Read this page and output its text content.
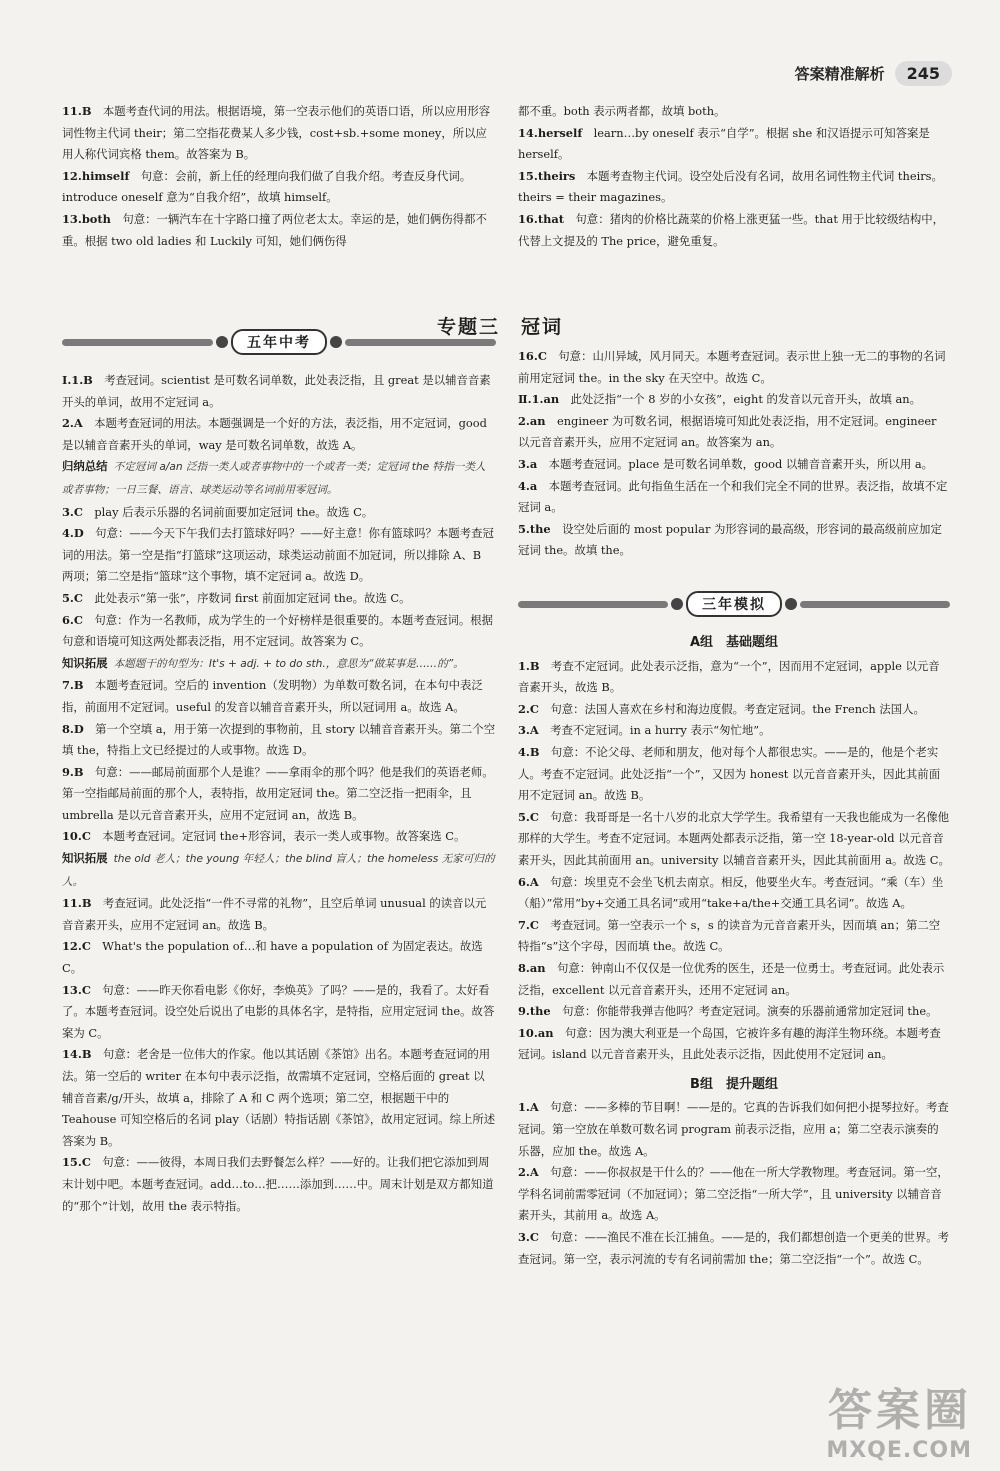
答案精准解析	245

11.B　本题考查代词的用法。根据语境，第一空表示他们的英语口语，所以应用形容词性物主代词 their；第二空指花费某人多少钱，cost+sb.+some money，所以应用人称代词宾格 them。故答案为 B。

12.himself　句意：会前，新上任的经理向我们做了自我介绍。考查反身代词。introduce oneself 意为“自我介绍”，故填 himself。

13.both　句意：一辆汽车在十字路口撞了两位老太太。幸运的是，她们俩伤得都不重。根据 two old ladies 和 Luckily 可知，她们俩伤得

都不重。both 表示两者都，故填 both。

14.herself　learn…by oneself 表示“自学”。根据 she 和汉语提示可知答案是 herself。

15.theirs　本题考查物主代词。设空处后没有名词，故用名词性物主代词 theirs。theirs = their magazines。

16.that　句意：猪肉的价格比蔬菜的价格上涨更猛一些。that 用于比较级结构中，代替上文提及的 The price，避免重复。

专题三　冠词
五年中考

Ⅰ.1.B　考查冠词。scientist 是可数名词单数，此处表泛指，且 great 是以辅音音素开头的单词，故用不定冠词 a。

2.A　本题考查冠词的用法。本题强调是一个好的方法，表泛指，用不定冠词，good 是以辅音音素开头的单词，way 是可数名词单数，故选 A。

归纳总结 不定冠词 a/an 泛指一类人或者事物中的一个或者一类；定冠词 the 特指一类人或者事物；一日三餐、语言、球类运动等名词前用零冠词。

3.C　play 后表示乐器的名词前面要加定冠词 the。故选 C。

4.D　句意：——今天下午我们去打篮球好吗？——好主意！你有篮球吗？本题考查冠词的用法。第一空是指“打篮球”这项运动，球类运动前面不加冠词，所以排除 A、B 两项；第二空是指“篮球”这个事物，填不定冠词 a。故选 D。

5.C　此处表示“第一张”，序数词 first 前面加定冠词 the。故选 C。

6.C　句意：作为一名教师，成为学生的一个好榜样是很重要的。本题考查冠词。根据句意和语境可知这两处都表泛指，用不定冠词。故答案为 C。

知识拓展 本题题干的句型为：It's + adj. + to do sth.，意思为“做某事是……的”。

7.B　本题考查冠词。空后的 invention（发明物）为单数可数名词，在本句中表泛指，前面用不定冠词。useful 的发音以辅音音素开头，所以冠词用 a。故选 A。

8.D　第一个空填 a，用于第一次提到的事物前，且 story 以辅音音素开头。第二个空填 the，特指上文已经提过的人或事物。故选 D。

9.B　句意：——邮局前面那个人是谁？——拿雨伞的那个吗？他是我们的英语老师。第一空指邮局前面的那个人，表特指，故用定冠词 the。第二空泛指一把雨伞，且 umbrella 是以元音音素开头，应用不定冠词 an，故选 B。

10.C　本题考查冠词。定冠词 the+形容词，表示一类人或事物。故答案选 C。

知识拓展 the old 老人；the young 年轻人；the blind 盲人；the homeless 无家可归的人。

11.B　考查冠词。此处泛指“一件不寻常的礼物”，且空后单词 unusual 的读音以元音音素开头，应用不定冠词 an。故选 B。

12.C　What's the population of…和 have a population of 为固定表达。故选 C。

13.C　句意：——昨天你看电影《你好，李焕英》了吗？——是的，我看了。太好看了。本题考查冠词。设空处后说出了电影的具体名字，是特指，应用定冠词 the。故答案为 C。

14.B　句意：老舍是一位伟大的作家。他以其话剧《茶馆》出名。本题考查冠词的用法。第一空后的 writer 在本句中表示泛指，故需填不定冠词，空格后面的 great 以辅音音素/g/开头，故填 a，排除了 A 和 C 两个选项；第二空，根据题干中的 Teahouse 可知空格后的名词 play（话剧）特指话剧《茶馆》，故用定冠词。综上所述答案为 B。

15.C　句意：——彼得，本周日我们去野餐怎么样？——好的。让我们把它添加到周末计划中吧。本题考查冠词。add…to…把……添加到……中。周末计划是双方都知道的“那个”计划，故用 the 表示特指。

16.C　句意：山川异域，风月同天。本题考查冠词。表示世上独一无二的事物的名词前用定冠词 the。in the sky 在天空中。故选 C。

Ⅱ.1.an　此处泛指“一个 8 岁的小女孩”，eight 的发音以元音开头，故填 an。

2.an　engineer 为可数名词，根据语境可知此处表泛指，用不定冠词。engineer 以元音音素开头，应用不定冠词 an。故答案为 an。

3.a　本题考查冠词。place 是可数名词单数，good 以辅音音素开头，所以用 a。

4.a　本题考查冠词。此句指鱼生活在一个和我们完全不同的世界。表泛指，故填不定冠词 a。

5.the　设空处后面的 most popular 为形容词的最高级，形容词的最高级前应加定冠词 the。故填 the。

三年模拟
A组　基础题组

1.B　考查不定冠词。此处表示泛指，意为“一个”，因而用不定冠词，apple 以元音音素开头，故选 B。

2.C　句意：法国人喜欢在乡村和海边度假。考查定冠词。the French 法国人。

3.A　考查不定冠词。in a hurry 表示“匆忙地”。

4.B　句意：不论父母、老师和朋友，他对每个人都很忠实。——是的，他是个老实人。考查不定冠词。此处泛指“一个”，又因为 honest 以元音音素开头，因此其前面用不定冠词 an。故选 B。

5.C　句意：我哥哥是一名十八岁的北京大学学生。我希望有一天我也能成为一名像他那样的大学生。考查不定冠词。本题两处都表示泛指，第一空 18-year-old 以元音音素开头，因此其前面用 an。university 以辅音音素开头，因此其前面用 a。故选 C。

6.A　句意：埃里克不会坐飞机去南京。相反，他要坐火车。考查冠词。“乘（车）坐（船）”常用“by+交通工具名词”或用“take+a/the+交通工具名词”。故选 A。

7.C　考查冠词。第一空表示一个 s，s 的读音为元音音素开头，因而填 an；第二空特指“s”这个字母，因而填 the。故选 C。

8.an　句意：钟南山不仅仅是一位优秀的医生，还是一位勇士。考查冠词。此处表示泛指，excellent 以元音音素开头，还用不定冠词 an。

9.the　句意：你能带我弹吉他吗？考查定冠词。演奏的乐器前通常加定冠词 the。

10.an　句意：因为澳大利亚是一个岛国，它被许多有趣的海洋生物环绕。本题考查冠词。island 以元音音素开头，且此处表示泛指，因此使用不定冠词 an。

B组　提升题组

1.A　句意：——多棒的节目啊！——是的。它真的告诉我们如何把小提琴拉好。考查冠词。第一空放在单数可数名词 program 前表示泛指，应用 a；第二空表示演奏的乐器，应加 the。故选 A。

2.A　句意：——你叔叔是干什么的？——他在一所大学教物理。考查冠词。第一空，学科名词前需零冠词（不加冠词）；第二空泛指“一所大学”，且 university 以辅音音素开头，其前用 a。故选 A。

3.C　句意：——渔民不准在长江捕鱼。——是的，我们都想创造一个更美的世界。考查冠词。第一空，表示河流的专有名词前需加 the；第二空泛指“一个”。故选 C。

答案圈
MXQE.COM
